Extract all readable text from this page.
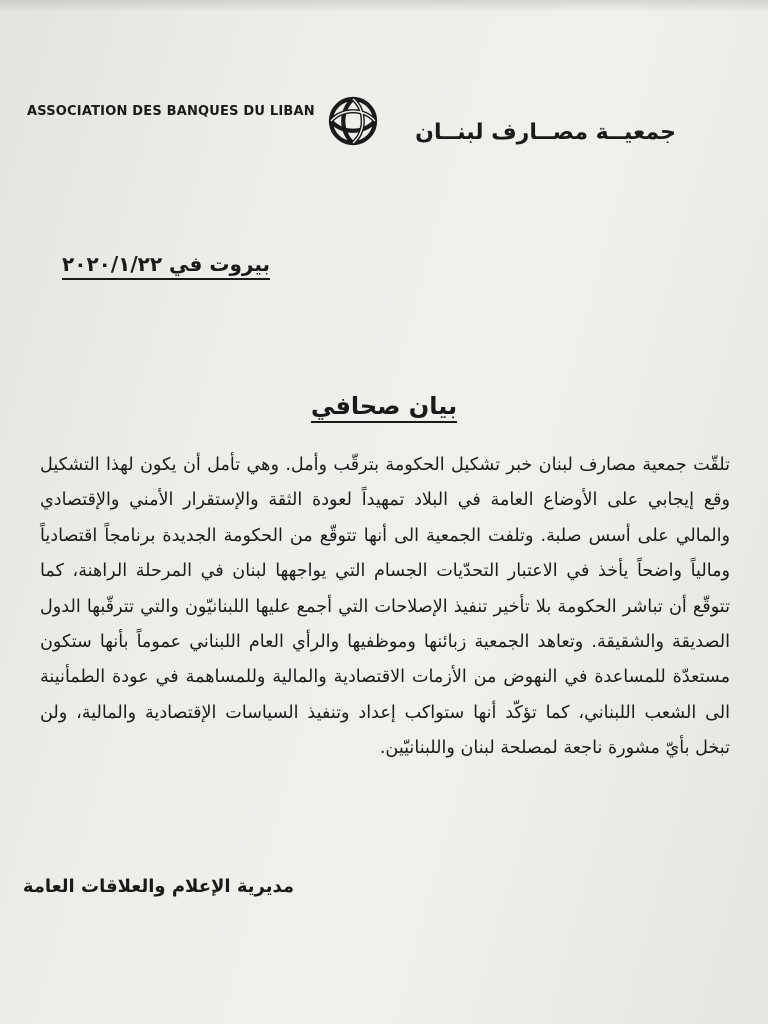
ASSOCIATION DES BANQUES DU LIBAN
جمعيــة مصــارف لبنــان
بيروت في ٢٠٢٠/١/٢٢
بيان صحافي
تلقّت جمعية مصارف لبنان خبر تشكيل الحكومة بترقّب وأمل. وهي تأمل أن يكون لهذا التشكيل وقع إيجابي على الأوضاع العامة في البلاد تمهيداً لعودة الثقة والإستقرار الأمني والإقتصادي والمالي على أسس صلبة. وتلفت الجمعية الى أنها تتوقّع من الحكومة الجديدة برنامجاً اقتصادياً ومالياً واضحاً يأخذ في الاعتبار التحدّيات الجسام التي يواجهها لبنان في المرحلة الراهنة، كما تتوقّع أن تباشر الحكومة بلا تأخير تنفيذ الإصلاحات التي أجمع عليها اللبنانيّون والتي تترقّبها الدول الصديقة والشقيقة. وتعاهد الجمعية زبائنها وموظفيها والرأي العام اللبناني عموماً بأنها ستكون مستعدّة للمساعدة في النهوض من الأزمات الاقتصادية والمالية وللمساهمة في عودة الطمأنينة الى الشعب اللبناني، كما تؤكّد أنها ستواكب إعداد وتنفيذ السياسات الإقتصادية والمالية، ولن تبخل بأيّ مشورة ناجعة لمصلحة لبنان واللبنانيّين.
مديرية الإعلام والعلاقات العامة
